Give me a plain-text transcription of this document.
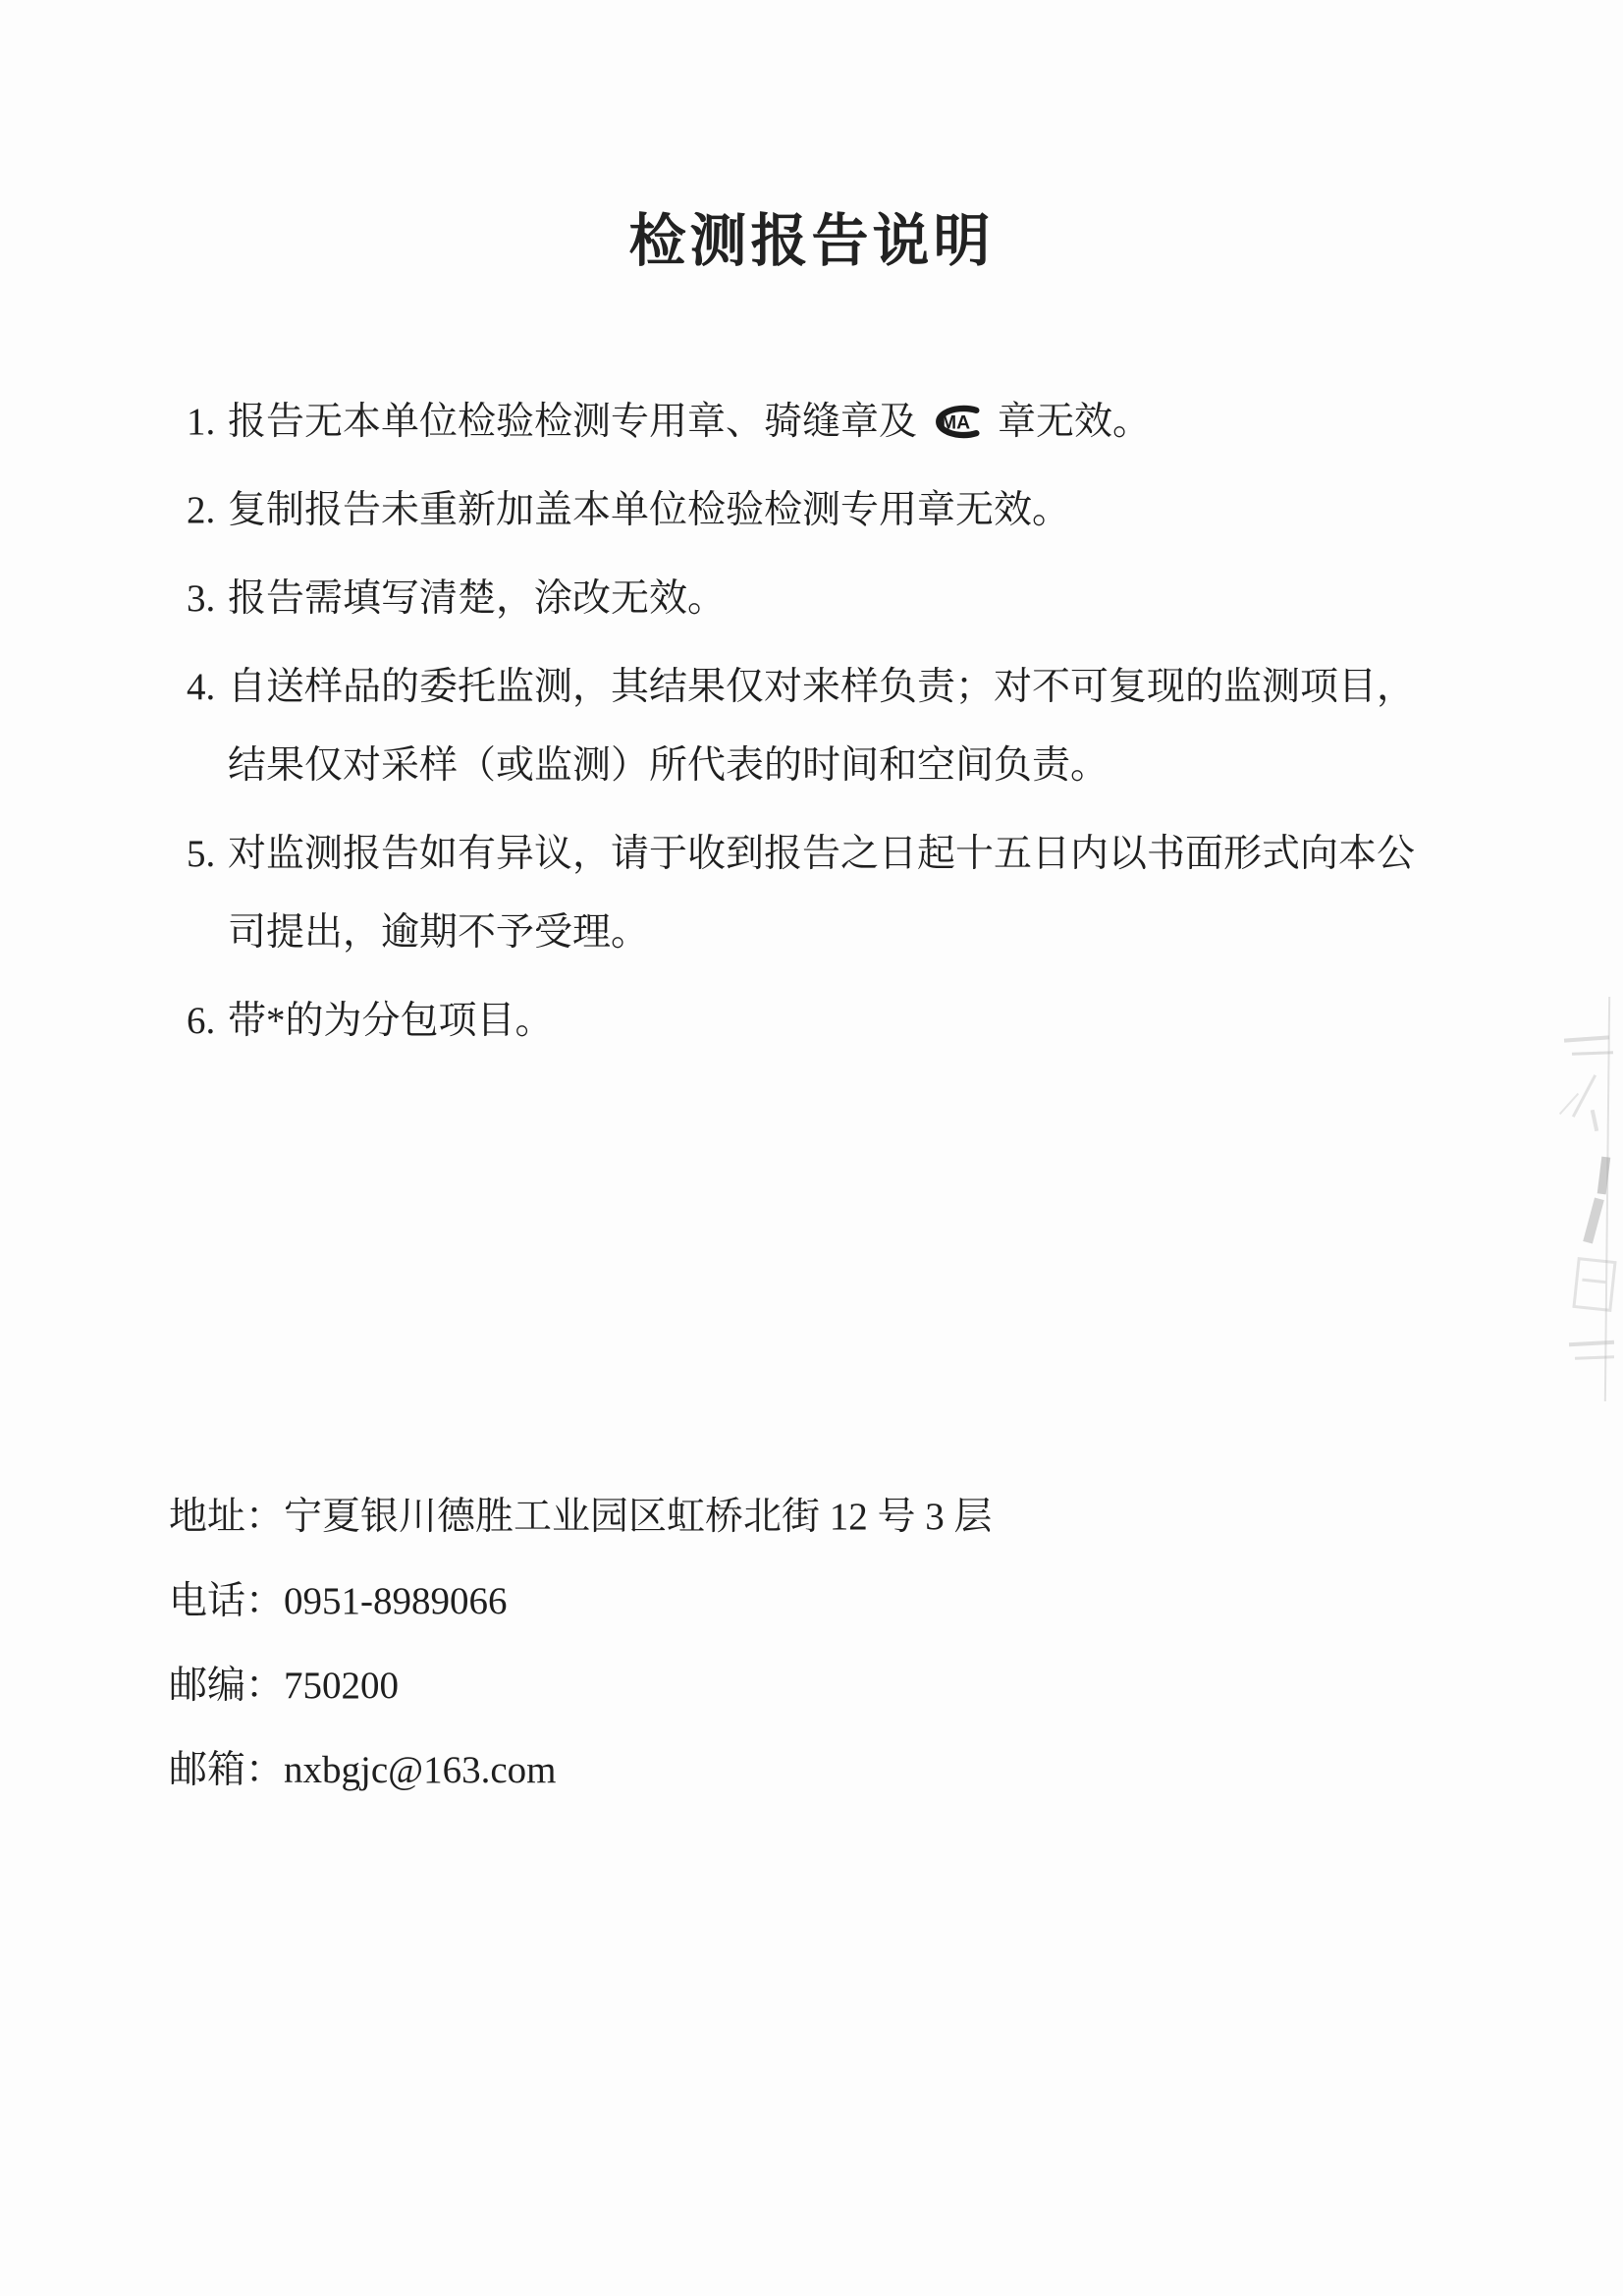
检测报告说明
1. 报告无本单位检验检测专用章、骑缝章及 MA 章无效。
2. 复制报告未重新加盖本单位检验检测专用章无效。
3. 报告需填写清楚，涂改无效。
4. 自送样品的委托监测，其结果仅对来样负责；对不可复现的监测项目，结果仅对采样（或监测）所代表的时间和空间负责。
5. 对监测报告如有异议，请于收到报告之日起十五日内以书面形式向本公司提出，逾期不予受理。
6. 带*的为分包项目。
地址：宁夏银川德胜工业园区虹桥北街 12 号 3 层
电话：0951-8989066
邮编：750200
邮箱：nxbgjc@163.com
